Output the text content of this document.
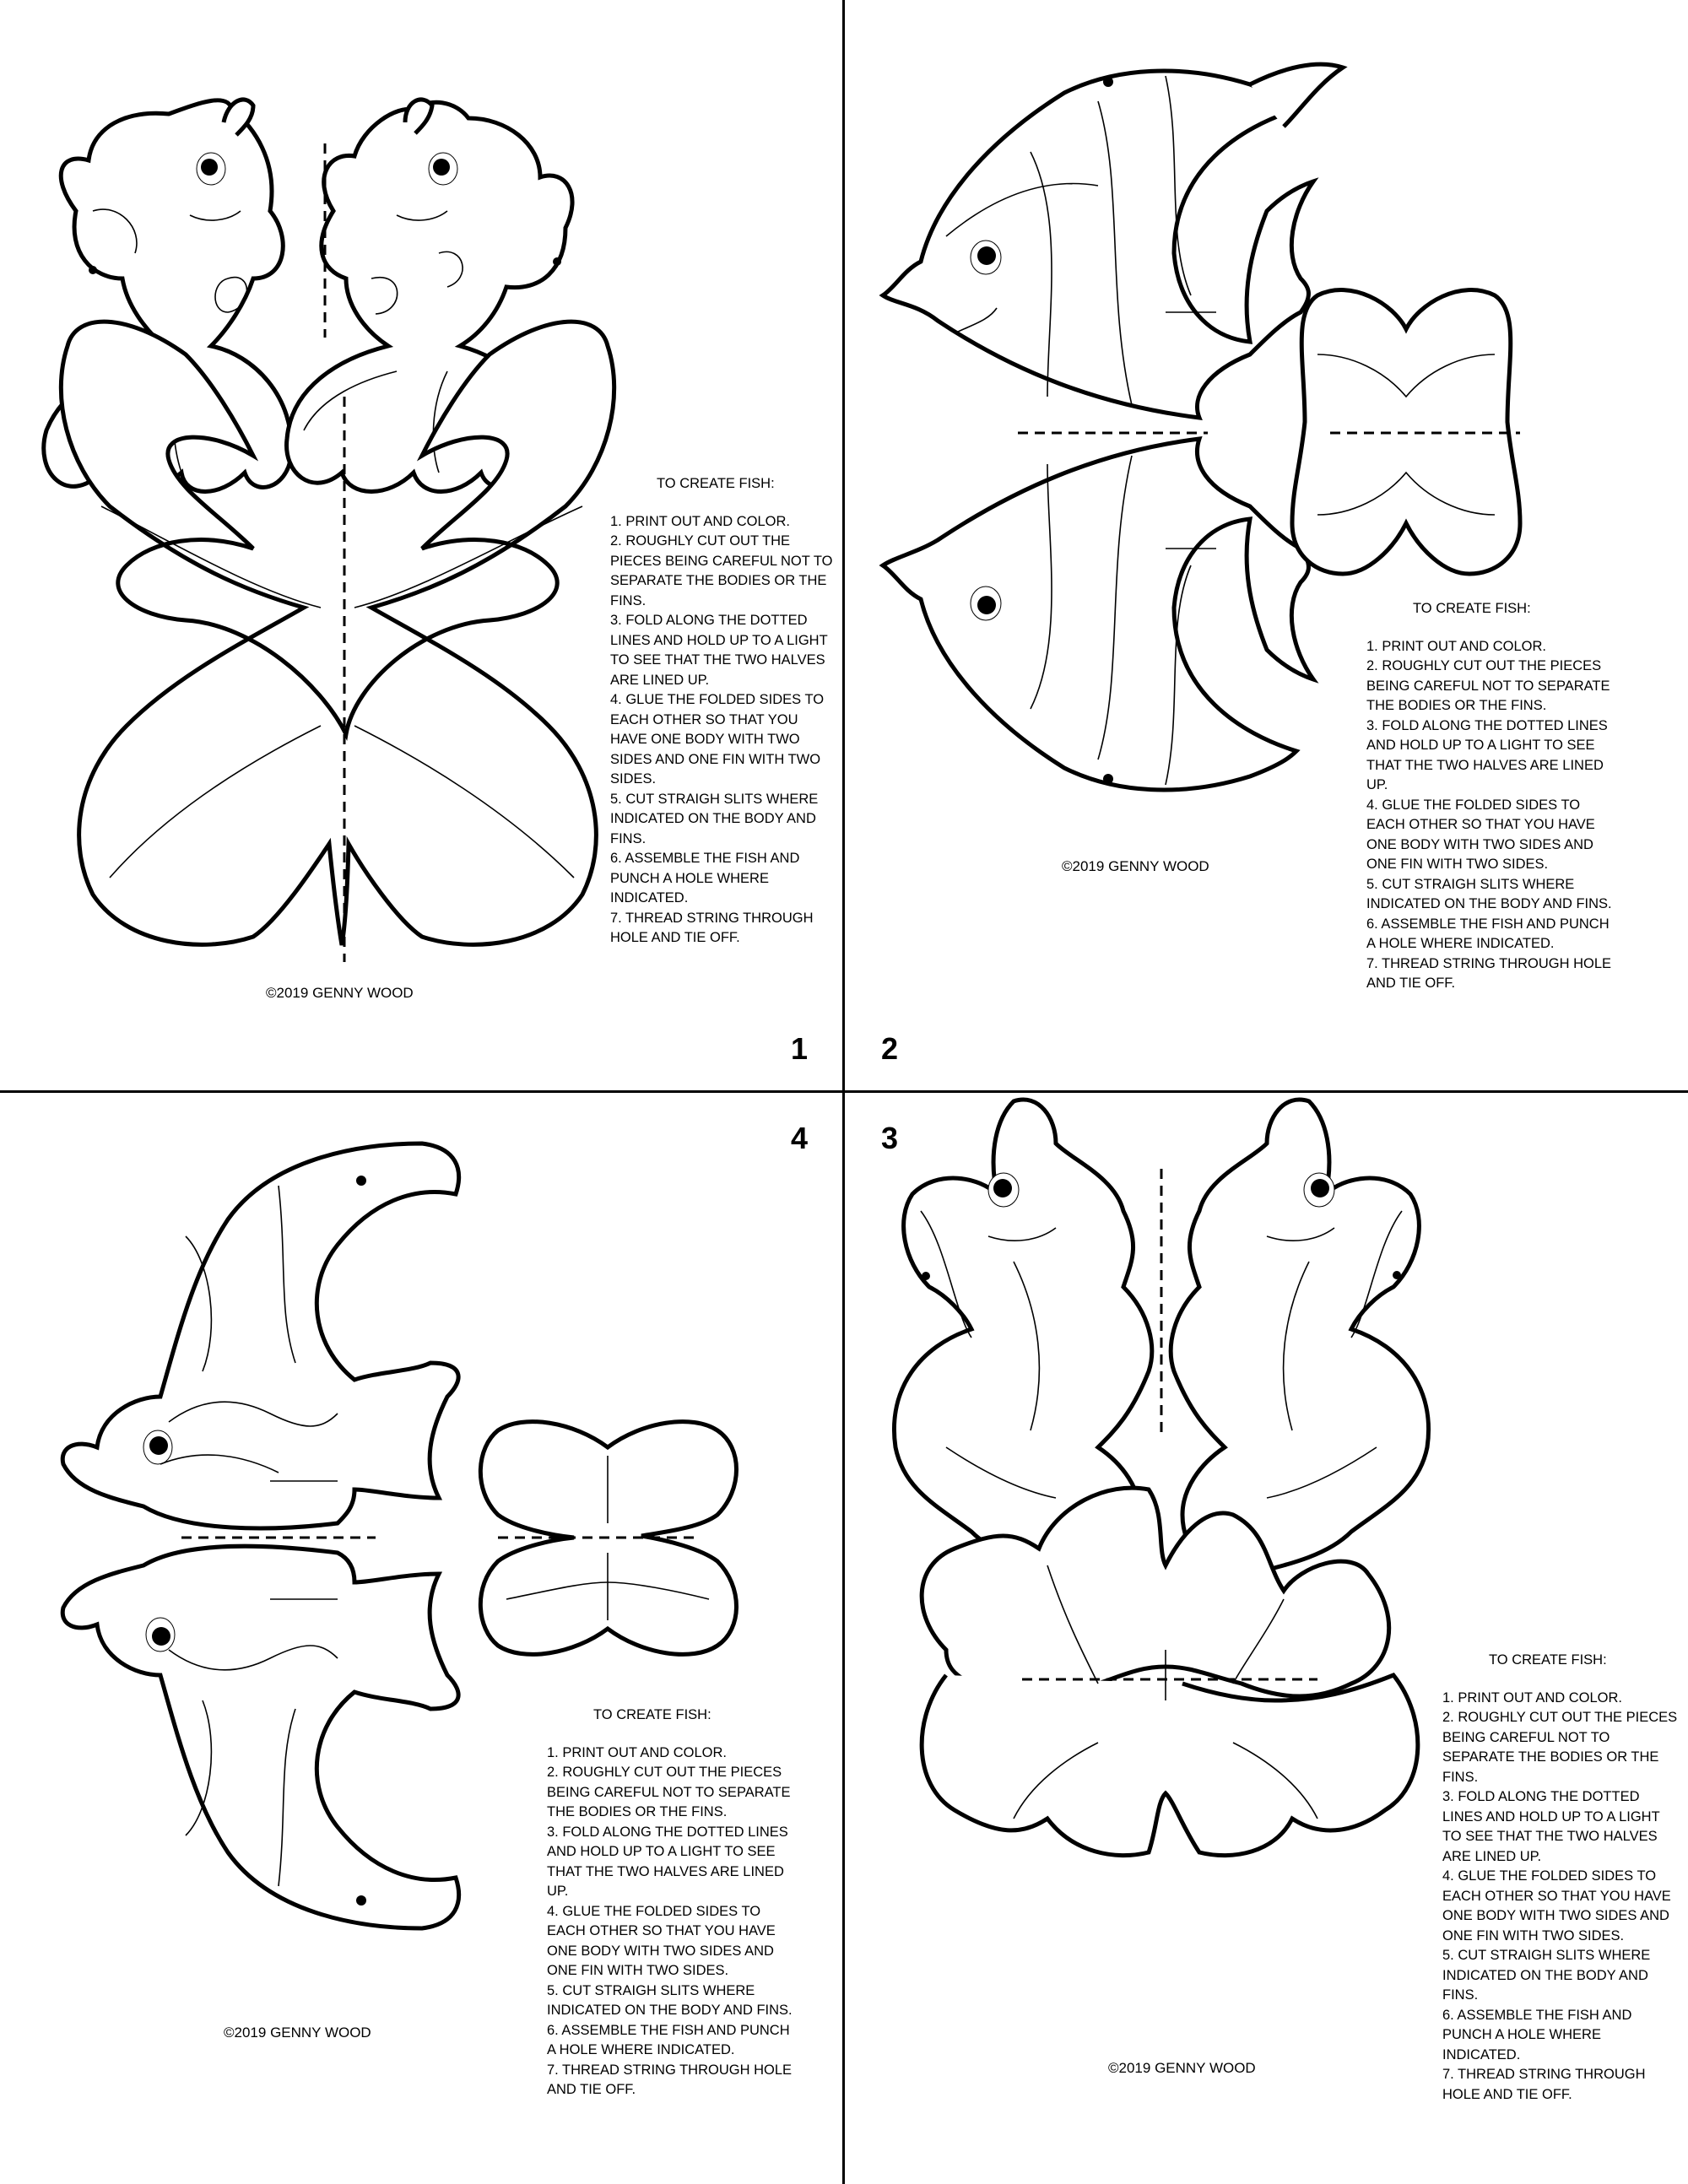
TO CREATE FISH:
1. PRINT OUT AND COLOR.
2. ROUGHLY CUT OUT THE PIECES BEING CAREFUL NOT TO SEPARATE THE BODIES OR THE FINS.
3. FOLD ALONG THE DOTTED LINES AND HOLD UP TO A LIGHT TO SEE THAT THE TWO HALVES ARE LINED UP.
4. GLUE THE FOLDED SIDES TO EACH OTHER SO THAT YOU HAVE ONE BODY WITH TWO SIDES AND ONE FIN WITH TWO SIDES.
5. CUT STRAIGH SLITS WHERE INDICATED ON THE BODY AND FINS.
6. ASSEMBLE THE FISH AND PUNCH A HOLE WHERE INDICATED.
7. THREAD STRING THROUGH HOLE AND TIE OFF.
©2019 GENNY WOOD
1
TO CREATE FISH:
1. PRINT OUT AND COLOR.
2. ROUGHLY CUT OUT THE PIECES BEING CAREFUL NOT TO SEPARATE THE BODIES OR THE FINS.
3. FOLD ALONG THE DOTTED LINES AND HOLD UP TO A LIGHT TO SEE THAT THE TWO HALVES ARE LINED UP.
4. GLUE THE FOLDED SIDES TO EACH OTHER SO THAT YOU HAVE ONE BODY WITH TWO SIDES AND ONE FIN WITH TWO SIDES.
5. CUT STRAIGH SLITS WHERE INDICATED ON THE BODY AND FINS.
6. ASSEMBLE THE FISH AND PUNCH A HOLE WHERE INDICATED.
7. THREAD STRING THROUGH HOLE AND TIE OFF.
©2019 GENNY WOOD
2
TO CREATE FISH:
1. PRINT OUT AND COLOR.
2. ROUGHLY CUT OUT THE PIECES BEING CAREFUL NOT TO SEPARATE THE BODIES OR THE FINS.
3. FOLD ALONG THE DOTTED LINES AND HOLD UP TO A LIGHT TO SEE THAT THE TWO HALVES ARE LINED UP.
4. GLUE THE FOLDED SIDES TO EACH OTHER SO THAT YOU HAVE ONE BODY WITH TWO SIDES AND ONE FIN WITH TWO SIDES.
5. CUT STRAIGH SLITS WHERE INDICATED ON THE BODY AND FINS.
6. ASSEMBLE THE FISH AND PUNCH A HOLE WHERE INDICATED.
7. THREAD STRING THROUGH HOLE AND TIE OFF.
©2019 GENNY WOOD
4
TO CREATE FISH:
1. PRINT OUT AND COLOR.
2. ROUGHLY CUT OUT THE PIECES BEING CAREFUL NOT TO SEPARATE THE BODIES OR THE FINS.
3. FOLD ALONG THE DOTTED LINES AND HOLD UP TO A LIGHT TO SEE THAT THE TWO HALVES ARE LINED UP.
4. GLUE THE FOLDED SIDES TO EACH OTHER SO THAT YOU HAVE ONE BODY WITH TWO SIDES AND ONE FIN WITH TWO SIDES.
5. CUT STRAIGH SLITS WHERE INDICATED ON THE BODY AND FINS.
6. ASSEMBLE THE FISH AND PUNCH A HOLE WHERE INDICATED.
7. THREAD STRING THROUGH HOLE AND TIE OFF.
©2019 GENNY WOOD
3
